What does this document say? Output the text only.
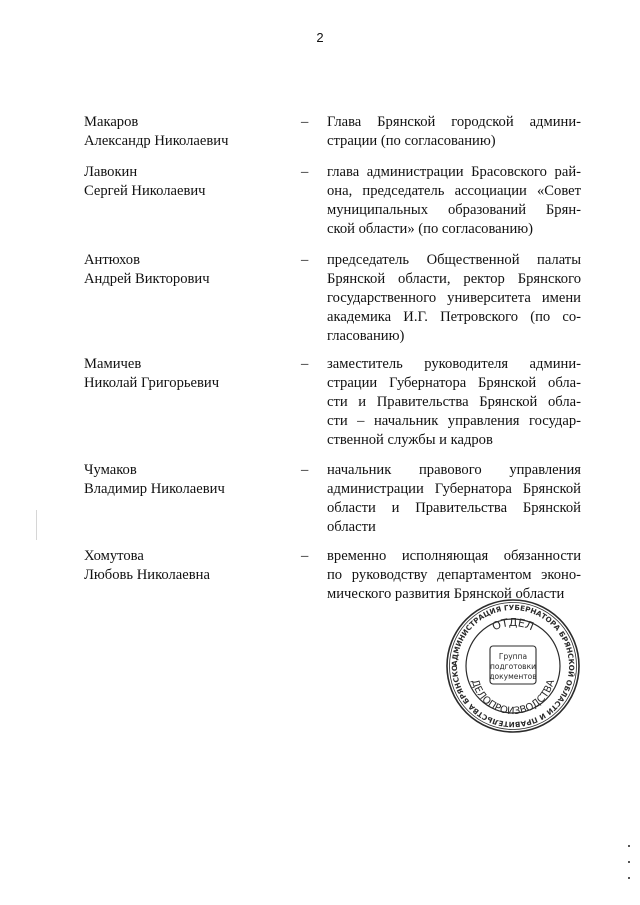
2
Макаров
Александр Николаевич
– Глава Брянской городской админи-
страции (по согласованию)
Лавокин
Сергей Николаевич
– глава администрации Брасовского рай-
она, председатель ассоциации «Совет
муниципальных образований Брян-
ской области» (по согласованию)
Антюхов
Андрей Викторович
– председатель Общественной палаты
Брянской области, ректор Брянского
государственного университета имени
академика И.Г. Петровского (по со-
гласованию)
Мамичев
Николай Григорьевич
– заместитель руководителя админи-
страции Губернатора Брянской обла-
сти и Правительства Брянской обла-
сти – начальник управления государ-
ственной службы и кадров
Чумаков
Владимир Николаевич
– начальник правового управления
администрации Губернатора Брянской
области и Правительства Брянской
области
Хомутова
Любовь Николаевна
– временно исполняющая обязанности
по руководству департаментом эконо-
мического развития Брянской области
АДМИНИСТРАЦИЯ ГУБЕРНАТОРА БРЯНСКОЙ ОБЛАСТИ И ПРАВИТЕЛЬСТВА БРЯНСКО
ОТДЕЛ
ДЕЛОПРОИЗВОДСТВА
Группа
подготовки
документов
